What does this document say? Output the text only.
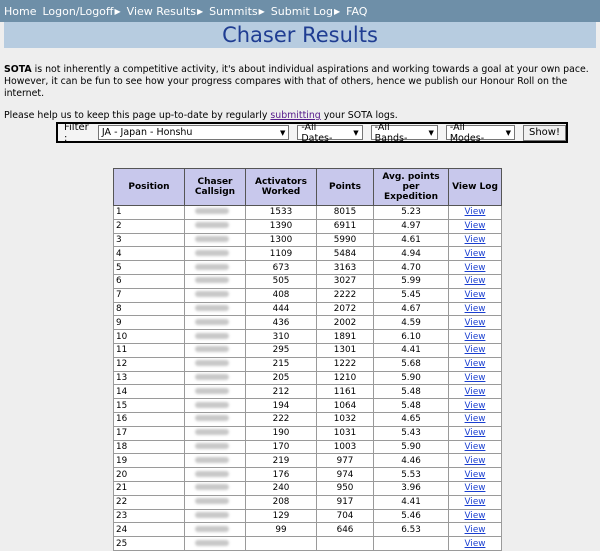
Home Logon/Logoff ▶ View Results ▶ Summits ▶ Submit Log ▶ FAQ
Chaser Results

SOTA is not inherently a competitive activity, it's about individual aspirations and working towards a goal at your own pace. However, it can be fun to see how your progress compares with that of others, hence we publish our Honour Roll on the internet.

Please help us to keep this page up-to-date by regularly submitting your SOTA logs.

Filter :	JA - Japan - Honshu	▼ -All Dates-	▼ -All Bands-	▼ -All Modes-	▼	Show!
Position	Chaser Callsign	Activators Worked	Points	Avg. points per Expedition	View Log
1		1533	8015	5.23	View
2		1390	6911	4.97	View
3		1300	5990	4.61	View
4		1109	5484	4.94	View
5		673	3163	4.70	View
6		505	3027	5.99	View
7		408	2222	5.45	View
8		444	2072	4.67	View
9		436	2002	4.59	View
10		310	1891	6.10	View
11		295	1301	4.41	View
12		215	1222	5.68	View
13		205	1210	5.90	View
14		212	1161	5.48	View
15		194	1064	5.48	View
16		222	1032	4.65	View
17		190	1031	5.43	View
18		170	1003	5.90	View
19		219	977	4.46	View
20		176	974	5.53	View
21		240	950	3.96	View
22		208	917	4.41	View
23		129	704	5.46	View
24		99	646	6.53	View
25					View
